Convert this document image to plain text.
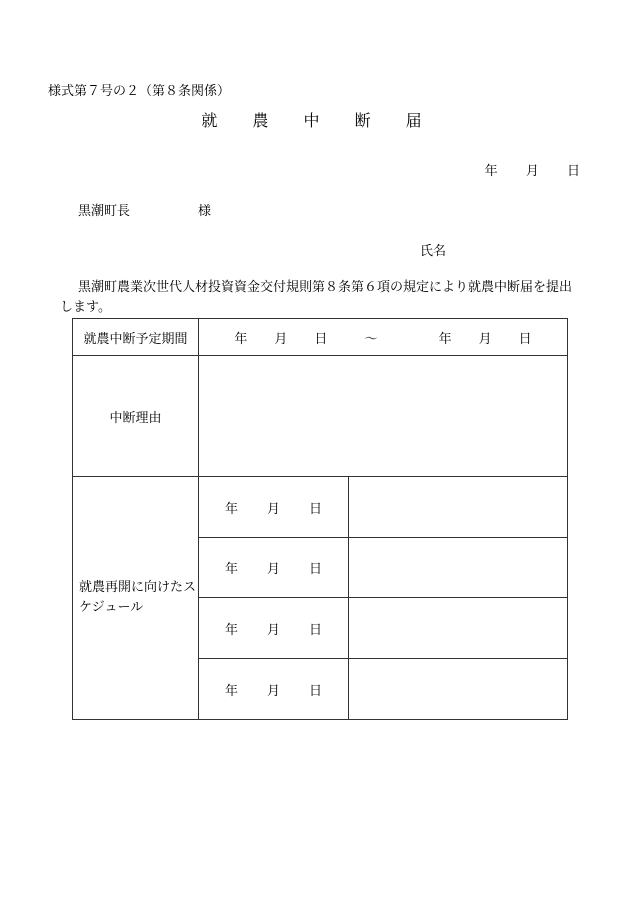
様式第７号の２（第８条関係）
就 農 中 断 届
年 月 日
黒潮町長	様
氏名
黒潮町農業次世代人材投資資金交付規則第８条第６項の規定により就農中断届を提出します。
就農中断予定期間	年 月 日 ～ 年 月 日	
中断理由		
就農再開に向けたスケジュール	年 月 日	
	年 月 日	
	年 月 日	
	年 月 日	
